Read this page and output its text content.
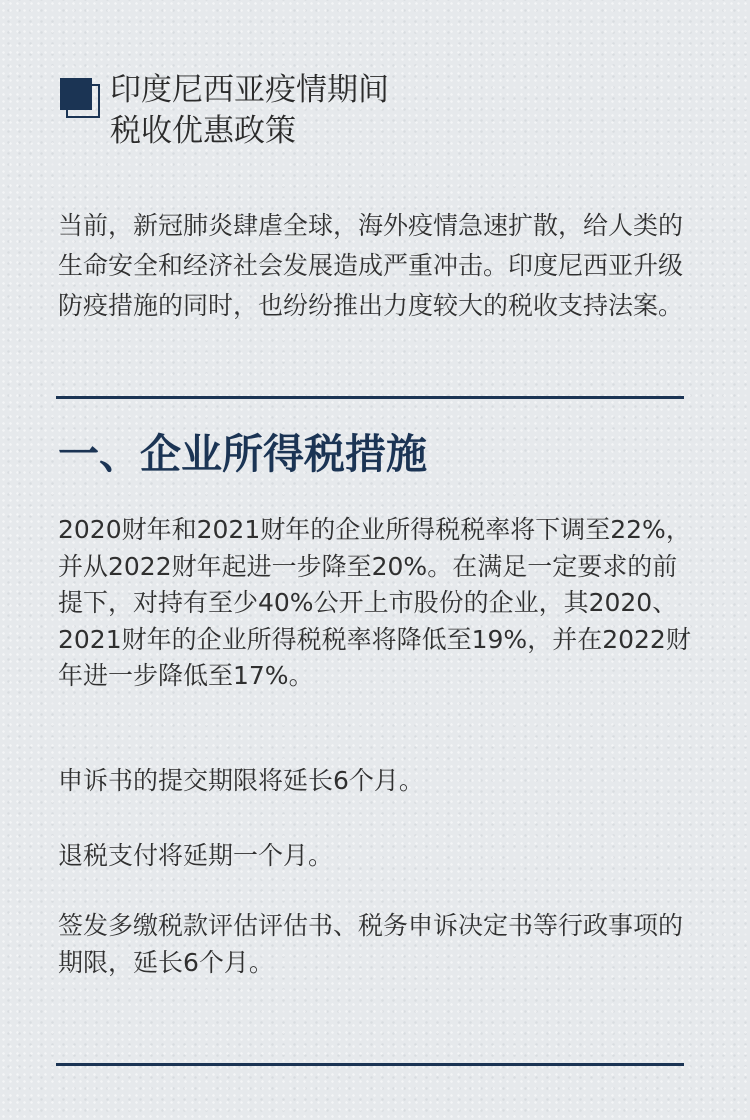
印度尼西亚疫情期间
税收优惠政策

当前，新冠肺炎肆虐全球，海外疫情急速扩散，给人类的生命安全和经济社会发展造成严重冲击。印度尼西亚升级防疫措施的同时，也纷纷推出力度较大的税收支持法案。

一、企业所得税措施

2020财年和2021财年的企业所得税税率将下调至22%，并从2022财年起进一步降至20%。在满足一定要求的前提下，对持有至少40%公开上市股份的企业，其2020、2021财年的企业所得税税率将降低至19%，并在2022财年进一步降低至17%。

申诉书的提交期限将延长6个月。

退税支付将延期一个月。

签发多缴税款评估评估书、税务申诉决定书等行政事项的期限，延长6个月。
